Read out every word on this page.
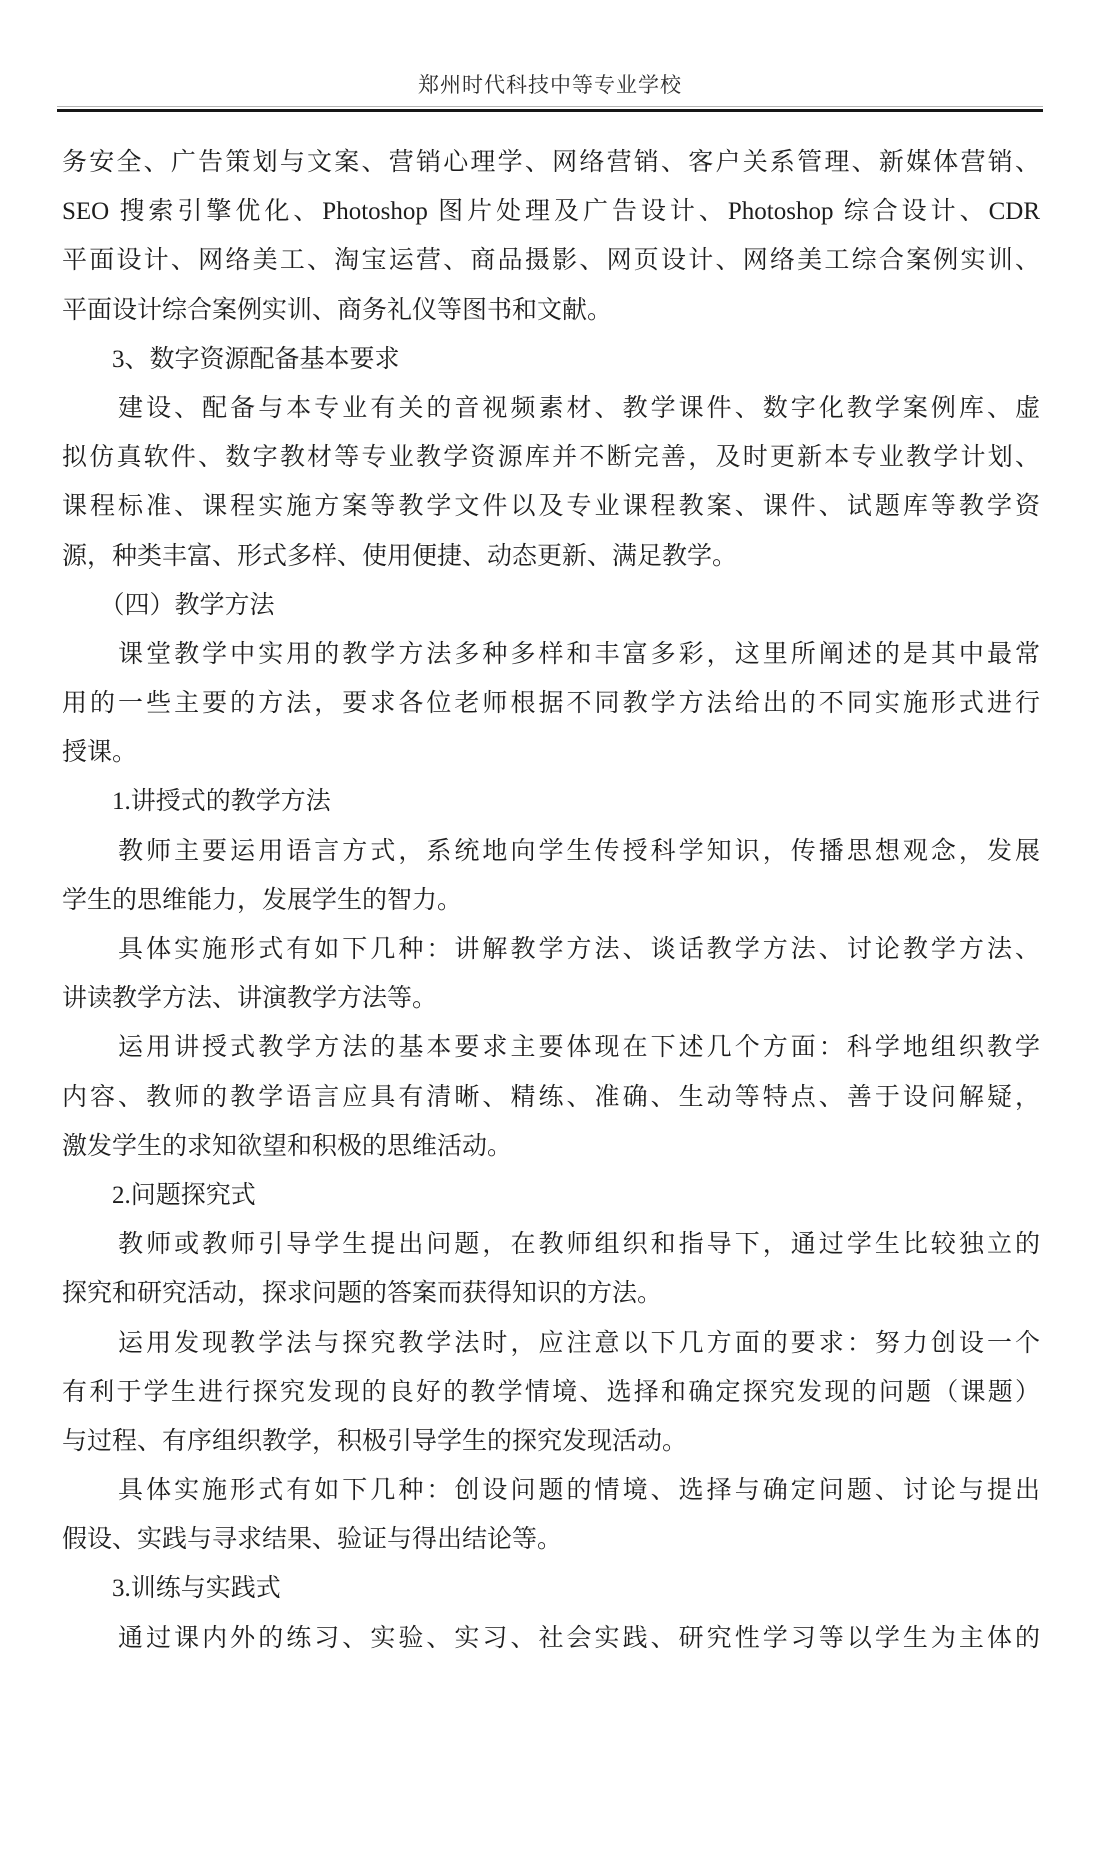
郑州时代科技中等专业学校
务安全、广告策划与文案、营销心理学、网络营销、客户关系管理、新媒体营销、
SEO 搜索引擎优化、Photoshop 图片处理及广告设计、Photoshop 综合设计、CDR
平面设计、网络美工、淘宝运营、商品摄影、网页设计、网络美工综合案例实训、
平面设计综合案例实训、商务礼仪等图书和文献。
　　3、数字资源配备基本要求
　　建设、配备与本专业有关的音视频素材、教学课件、数字化教学案例库、虚
拟仿真软件、数字教材等专业教学资源库并不断完善，及时更新本专业教学计划、
课程标准、课程实施方案等教学文件以及专业课程教案、课件、试题库等教学资
源，种类丰富、形式多样、使用便捷、动态更新、满足教学。
　　（四）教学方法
　　课堂教学中实用的教学方法多种多样和丰富多彩，这里所阐述的是其中最常
用的一些主要的方法，要求各位老师根据不同教学方法给出的不同实施形式进行
授课。
　　1.讲授式的教学方法
　　教师主要运用语言方式，系统地向学生传授科学知识，传播思想观念，发展
学生的思维能力，发展学生的智力。
　　具体实施形式有如下几种：讲解教学方法、谈话教学方法、讨论教学方法、
讲读教学方法、讲演教学方法等。
　　运用讲授式教学方法的基本要求主要体现在下述几个方面：科学地组织教学
内容、教师的教学语言应具有清晰、精练、准确、生动等特点、善于设问解疑，
激发学生的求知欲望和积极的思维活动。
　　2.问题探究式
　　教师或教师引导学生提出问题，在教师组织和指导下，通过学生比较独立的
探究和研究活动，探求问题的答案而获得知识的方法。
　　运用发现教学法与探究教学法时，应注意以下几方面的要求：努力创设一个
有利于学生进行探究发现的良好的教学情境、选择和确定探究发现的问题（课题）
与过程、有序组织教学，积极引导学生的探究发现活动。
　　具体实施形式有如下几种：创设问题的情境、选择与确定问题、讨论与提出
假设、实践与寻求结果、验证与得出结论等。
　　3.训练与实践式
　　通过课内外的练习、实验、实习、社会实践、研究性学习等以学生为主体的
